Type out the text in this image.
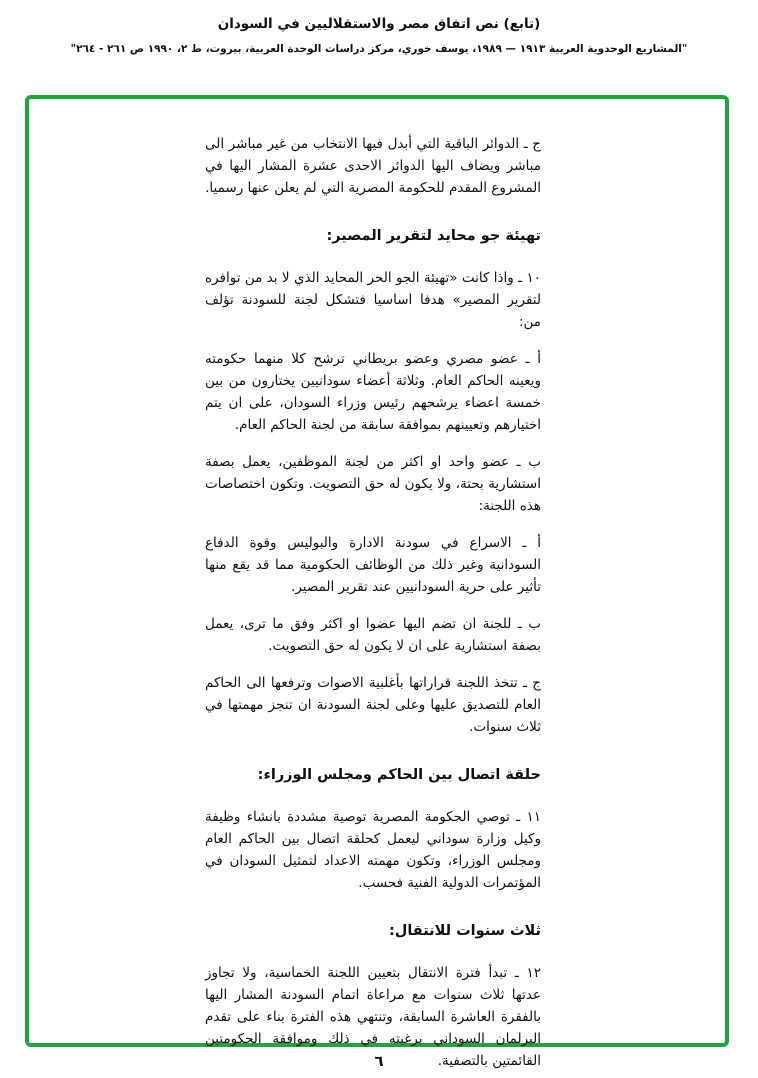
(تابع) نص اتفاق مصر والاستقلاليين في السودان
"المشاريع الوحدوية العربية ١٩١٣ — ١٩٨٩، يوسف خوري، مركز دراسات الوحدة العربية، بيروت، ط ٢، ١٩٩٠ ص ٢٦١ - ٢٦٤"

ج ـ الدوائر الباقية التي أبدل فيها الانتخاب من غير مباشر الى مباشر ويضاف اليها الدوائر الاحدى عشرة المشار اليها في المشروع المقدم للحكومة المصرية التي لم يعلن عنها رسميا.

تهيئة جو محايد لتقرير المصير:

١٠ ـ واذا كانت «تهيئة الجو الحر المحايد الذي لا بد من توافره لتقرير المصير» هدفا اساسيا فتشكل لجنة للسودنة تؤلف من:

أ ـ عضو مصري وعضو بريطاني ترشح كلا منهما حكومته ويعينه الحاكم العام. وثلاثة أعضاء سودانيين يختارون من بين خمسة اعضاء يرشحهم رئيس وزراء السودان، على ان يتم اختيارهم وتعيينهم بموافقة سابقة من لجنة الحاكم العام.

ب ـ عضو واحد او اكثر من لجنة الموظفين، يعمل بصفة استشارية بحتة، ولا يكون له حق التصويت. وتكون اختصاصات هذه اللجنة:

أ ـ الاسراع في سودنة الادارة والبوليس وقوة الدفاع السودانية وغير ذلك من الوظائف الحكومية مما قد يقع منها تأثير على حرية السودانيين عند تقرير المصير.

ب ـ للجنة ان تضم اليها عضوا او اكثر وفق ما ترى، يعمل بصفة استشارية على ان لا يكون له حق التصويت.

ج ـ تتخذ اللجنة قراراتها بأغلبية الاصوات وترفعها الى الحاكم العام للتصديق عليها وعلى لجنة السودنة ان تنجز مهمتها في ثلاث سنوات.

حلقة اتصال بين الحاكم ومجلس الوزراء:

١١ ـ توصي الحكومة المصرية توصية مشددة بانشاء وظيفة وكيل وزارة سوداني ليعمل كحلقة اتصال بين الحاكم العام ومجلس الوزراء، وتكون مهمته الاعداد لتمثيل السودان في المؤتمرات الدولية الفنية فحسب.

ثلاث سنوات للانتقال:

١٢ ـ تبدأ فترة الانتقال بتعيين اللجنة الخماسية، ولا تجاوز عدتها ثلاث سنوات مع مراعاة اتمام السودنة المشار اليها بالفقرة العاشرة السابقة، وتنتهي هذه الفترة بناء على تقدم البرلمان السوداني برغبته في ذلك وموافقة الحكومتين القائمتين بالتصفية.

٦
